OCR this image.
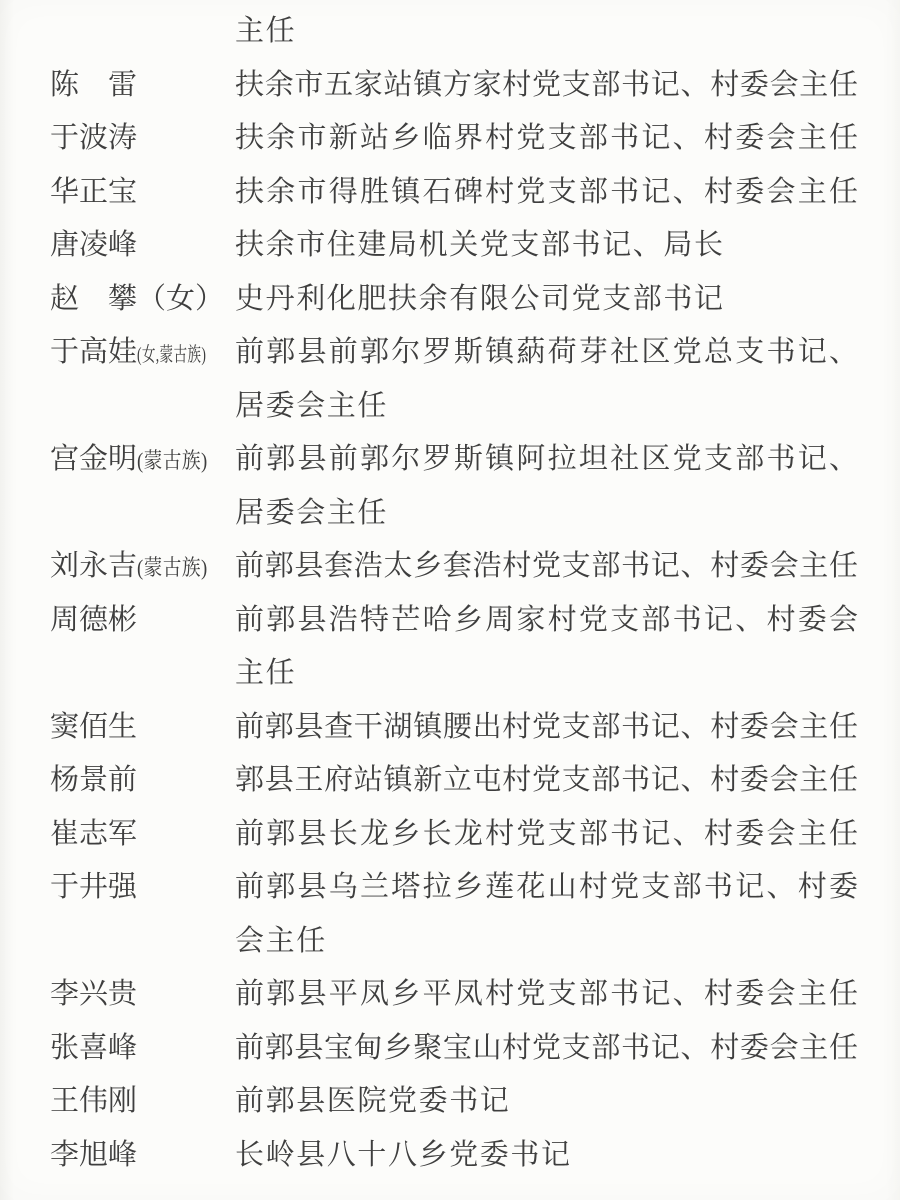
主任
陈　雷	扶余市五家站镇方家村党支部书记、村委会主任
于波涛	扶余市新站乡临界村党支部书记、村委会主任
华正宝	扶余市得胜镇石碑村党支部书记、村委会主任
唐凌峰	扶余市住建局机关党支部书记、局长
赵　攀（女） 史丹利化肥扶余有限公司党支部书记
于高娃(女,蒙古族) 前郭县前郭尔罗斯镇蒳荷芽社区党总支书记、
居委会主任
宫金明(蒙古族) 前郭县前郭尔罗斯镇阿拉坦社区党支部书记、
居委会主任
刘永吉(蒙古族) 前郭县套浩太乡套浩村党支部书记、村委会主任
周德彬	前郭县浩特芒哈乡周家村党支部书记、村委会
主任
窦佰生	前郭县查干湖镇腰出村党支部书记、村委会主任
杨景前	郭县王府站镇新立屯村党支部书记、村委会主任
崔志军	前郭县长龙乡长龙村党支部书记、村委会主任
于井强	前郭县乌兰塔拉乡莲花山村党支部书记、村委
会主任
李兴贵	前郭县平凤乡平凤村党支部书记、村委会主任
张喜峰	前郭县宝甸乡聚宝山村党支部书记、村委会主任
王伟刚	前郭县医院党委书记
李旭峰	长岭县八十八乡党委书记
